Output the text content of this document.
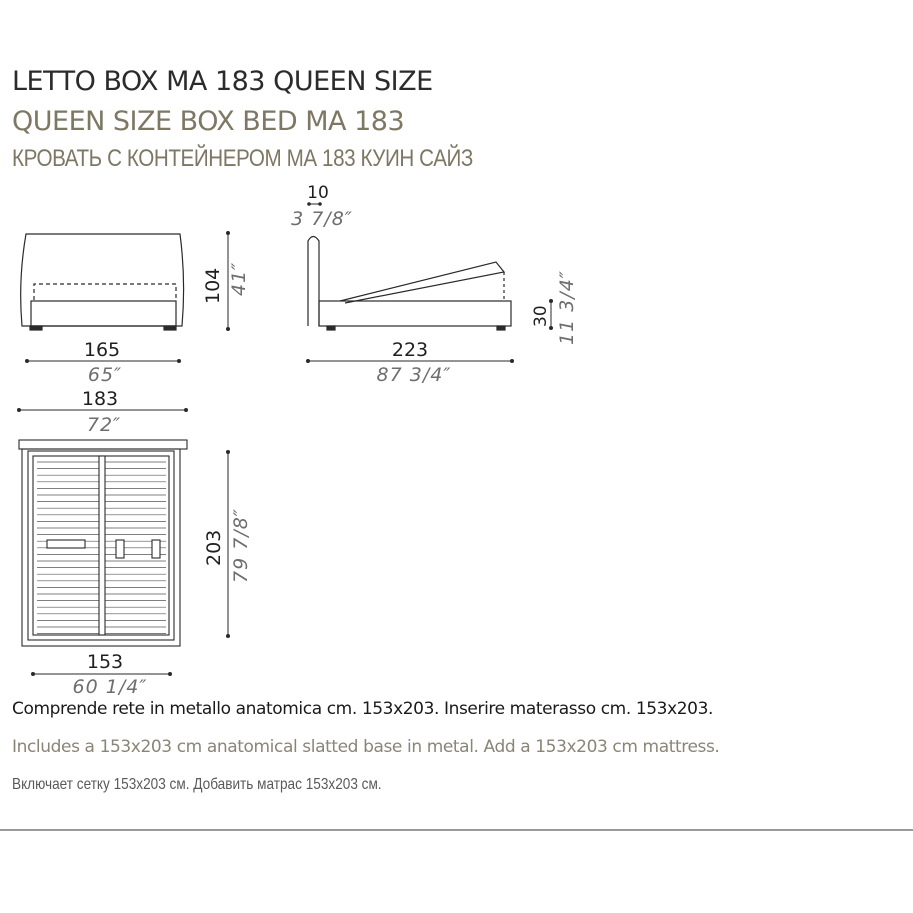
LETTO BOX MA 183 QUEEN SIZE
QUEEN SIZE BOX BED MA 183
КРОВАТЬ С КОНТЕЙНЕРОМ МА 183 КУИН САЙЗ
104 41″
165
65″
10
3 7/8″
30 11 3/4″
223
87 3/4″
183
72″
203 79 7/8″
153
60 1/4″
Comprende rete in metallo anatomica cm. 153x203. Inserire materasso cm. 153x203.
Includes a 153x203 cm anatomical slatted base in metal. Add a 153x203 cm mattress.
Включает сетку 153x203 см. Добавить матрас 153x203 см.
